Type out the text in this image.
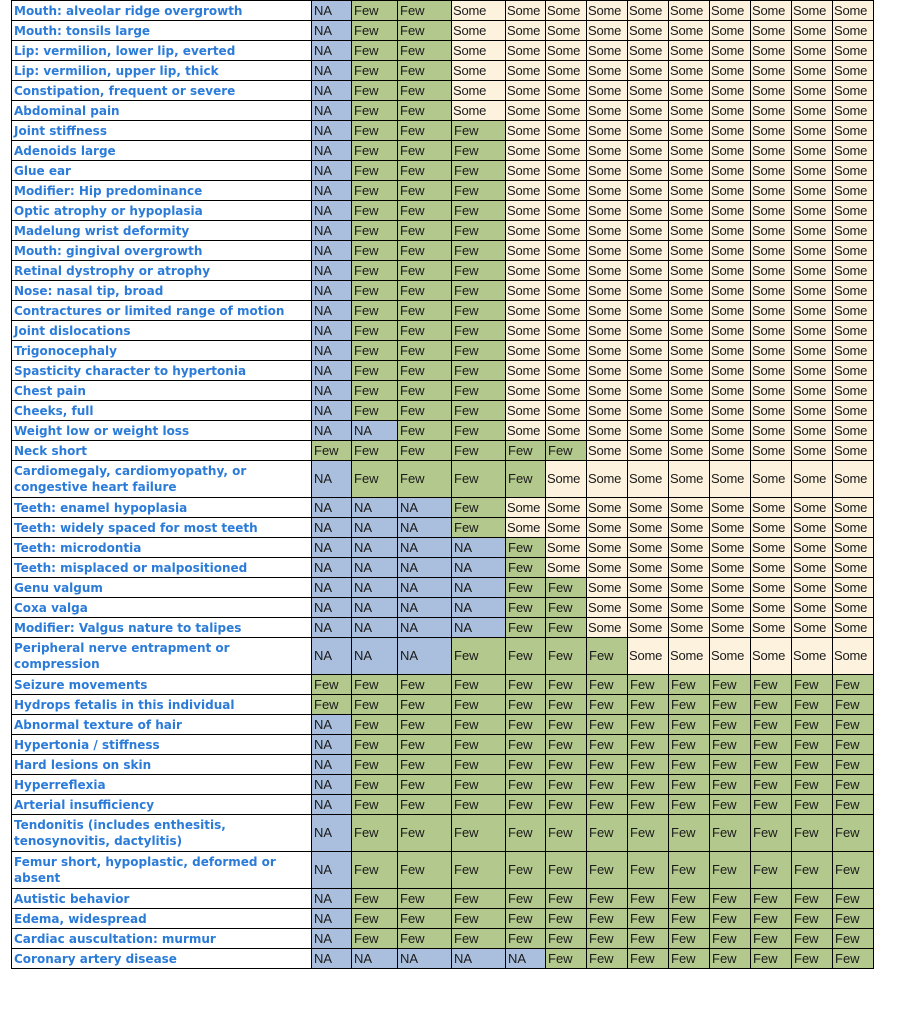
Mouth: alveolar ridge overgrowth	NA	Few	Few	Some	Some	Some	Some	Some	Some	Some	Some	Some	Some
Mouth: tonsils large	NA	Few	Few	Some	Some	Some	Some	Some	Some	Some	Some	Some	Some
Lip: vermilion, lower lip, everted	NA	Few	Few	Some	Some	Some	Some	Some	Some	Some	Some	Some	Some
Lip: vermilion, upper lip, thick	NA	Few	Few	Some	Some	Some	Some	Some	Some	Some	Some	Some	Some
Constipation, frequent or severe	NA	Few	Few	Some	Some	Some	Some	Some	Some	Some	Some	Some	Some
Abdominal pain	NA	Few	Few	Some	Some	Some	Some	Some	Some	Some	Some	Some	Some
Joint stiffness	NA	Few	Few	Few	Some	Some	Some	Some	Some	Some	Some	Some	Some
Adenoids large	NA	Few	Few	Few	Some	Some	Some	Some	Some	Some	Some	Some	Some
Glue ear	NA	Few	Few	Few	Some	Some	Some	Some	Some	Some	Some	Some	Some
Modifier: Hip predominance	NA	Few	Few	Few	Some	Some	Some	Some	Some	Some	Some	Some	Some
Optic atrophy or hypoplasia	NA	Few	Few	Few	Some	Some	Some	Some	Some	Some	Some	Some	Some
Madelung wrist deformity	NA	Few	Few	Few	Some	Some	Some	Some	Some	Some	Some	Some	Some
Mouth: gingival overgrowth	NA	Few	Few	Few	Some	Some	Some	Some	Some	Some	Some	Some	Some
Retinal dystrophy or atrophy	NA	Few	Few	Few	Some	Some	Some	Some	Some	Some	Some	Some	Some
Nose: nasal tip, broad	NA	Few	Few	Few	Some	Some	Some	Some	Some	Some	Some	Some	Some
Contractures or limited range of motion	NA	Few	Few	Few	Some	Some	Some	Some	Some	Some	Some	Some	Some
Joint dislocations	NA	Few	Few	Few	Some	Some	Some	Some	Some	Some	Some	Some	Some
Trigonocephaly	NA	Few	Few	Few	Some	Some	Some	Some	Some	Some	Some	Some	Some
Spasticity character to hypertonia	NA	Few	Few	Few	Some	Some	Some	Some	Some	Some	Some	Some	Some
Chest pain	NA	Few	Few	Few	Some	Some	Some	Some	Some	Some	Some	Some	Some
Cheeks, full	NA	Few	Few	Few	Some	Some	Some	Some	Some	Some	Some	Some	Some
Weight low or weight loss	NA	NA	Few	Few	Some	Some	Some	Some	Some	Some	Some	Some	Some
Neck short	Few	Few	Few	Few	Few	Few	Some	Some	Some	Some	Some	Some	Some
Cardiomegaly, cardiomyopathy, or congestive heart failure	NA	Few	Few	Few	Few	Some	Some	Some	Some	Some	Some	Some	Some
Teeth: enamel hypoplasia	NA	NA	NA	Few	Some	Some	Some	Some	Some	Some	Some	Some	Some
Teeth: widely spaced for most teeth	NA	NA	NA	Few	Some	Some	Some	Some	Some	Some	Some	Some	Some
Teeth: microdontia	NA	NA	NA	NA	Few	Some	Some	Some	Some	Some	Some	Some	Some
Teeth: misplaced or malpositioned	NA	NA	NA	NA	Few	Some	Some	Some	Some	Some	Some	Some	Some
Genu valgum	NA	NA	NA	NA	Few	Few	Some	Some	Some	Some	Some	Some	Some
Coxa valga	NA	NA	NA	NA	Few	Few	Some	Some	Some	Some	Some	Some	Some
Modifier: Valgus nature to talipes	NA	NA	NA	NA	Few	Few	Some	Some	Some	Some	Some	Some	Some
Peripheral nerve entrapment or compression	NA	NA	NA	Few	Few	Few	Few	Some	Some	Some	Some	Some	Some
Seizure movements	Few	Few	Few	Few	Few	Few	Few	Few	Few	Few	Few	Few	Few
Hydrops fetalis in this individual	Few	Few	Few	Few	Few	Few	Few	Few	Few	Few	Few	Few	Few
Abnormal texture of hair	NA	Few	Few	Few	Few	Few	Few	Few	Few	Few	Few	Few	Few
Hypertonia / stiffness	NA	Few	Few	Few	Few	Few	Few	Few	Few	Few	Few	Few	Few
Hard lesions on skin	NA	Few	Few	Few	Few	Few	Few	Few	Few	Few	Few	Few	Few
Hyperreflexia	NA	Few	Few	Few	Few	Few	Few	Few	Few	Few	Few	Few	Few
Arterial insufficiency	NA	Few	Few	Few	Few	Few	Few	Few	Few	Few	Few	Few	Few
Tendonitis (includes enthesitis, tenosynovitis, dactylitis)	NA	Few	Few	Few	Few	Few	Few	Few	Few	Few	Few	Few	Few
Femur short, hypoplastic, deformed or absent	NA	Few	Few	Few	Few	Few	Few	Few	Few	Few	Few	Few	Few
Autistic behavior	NA	Few	Few	Few	Few	Few	Few	Few	Few	Few	Few	Few	Few
Edema, widespread	NA	Few	Few	Few	Few	Few	Few	Few	Few	Few	Few	Few	Few
Cardiac auscultation: murmur	NA	Few	Few	Few	Few	Few	Few	Few	Few	Few	Few	Few	Few
Coronary artery disease	NA	NA	NA	NA	NA	Few	Few	Few	Few	Few	Few	Few	Few
